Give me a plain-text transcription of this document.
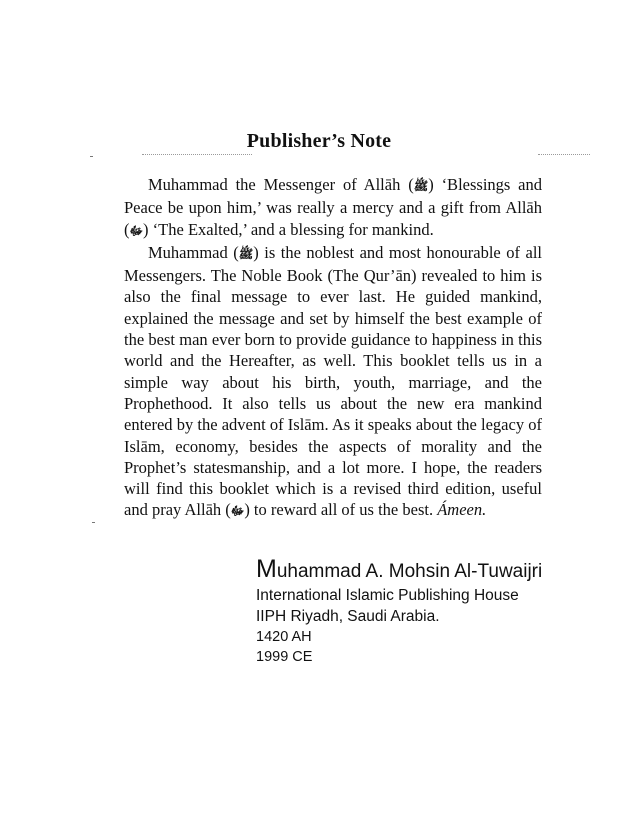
Publisher’s Note

Muhammad the Messenger of Allāh (ﷺ) ‘Blessings and Peace be upon him,’ was really a mercy and a gift from Allāh (ﷻ) ‘The Exalted,’ and a blessing for mankind.

Muhammad (ﷺ) is the noblest and most honourable of all Messengers. The Noble Book (The Qur’ān) revealed to him is also the final message to ever last. He guided mankind, explained the message and set by himself the best example of the best man ever born to provide guidance to happiness in this world and the Hereafter, as well. This booklet tells us in a simple way about his birth, youth, marriage, and the Prophethood. It also tells us about the new era mankind entered by the advent of Islām. As it speaks about the legacy of Islām, economy, besides the aspects of morality and the Prophet’s statesmanship, and a lot more. I hope, the readers will find this booklet which is a revised third edition, useful and pray Allāh (ﷻ) to reward all of us the best. Ámeen.

Muhammad A. Mohsin Al-Tuwaijri
International Islamic Publishing House
IIPH Riyadh, Saudi Arabia.
1420 AH
1999 CE
